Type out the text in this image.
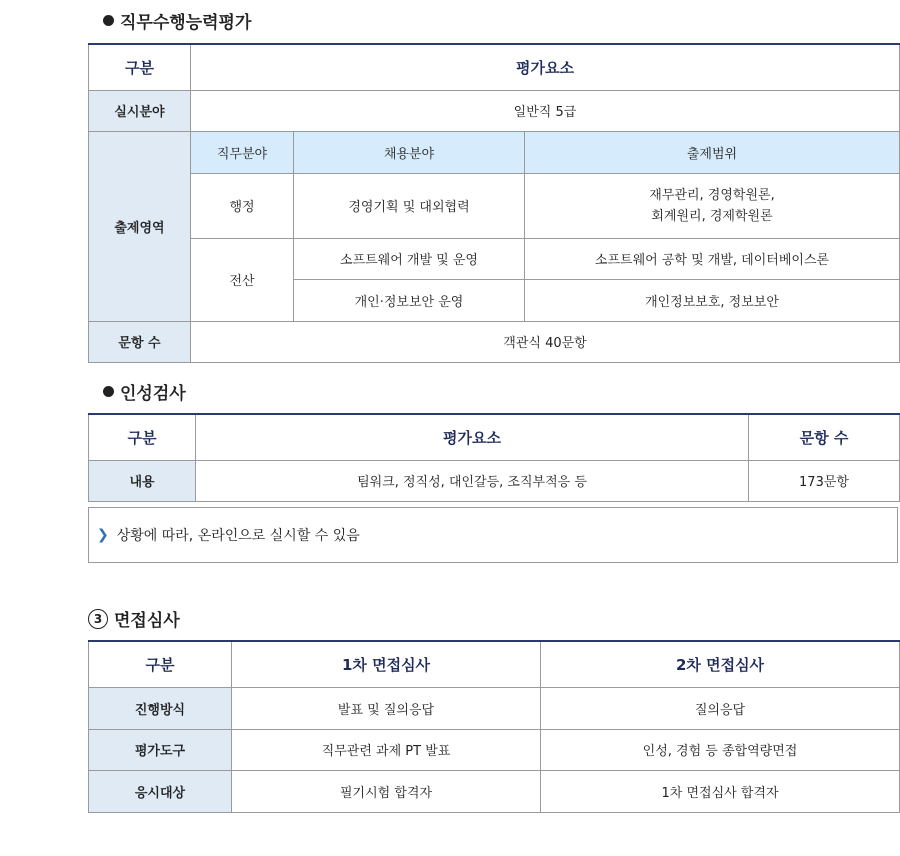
직무수행능력평가
구분	평가요소		
실시분야	일반직 5급		
출제영역	직무분야	채용분야	출제범위
	행정	경영기획 및 대외협력	재무관리, 경영학원론,
회계원리, 경제학원론

	전산	소프트웨어 개발 및 운영	소프트웨어 공학 및 개발, 데이터베이스론
		개인·정보보안 운영	개인정보보호, 정보보안

문항 수	객관식 40문항		
인성검사
구분	평가요소	문항 수
내용	팀워크, 정직성, 대인갈등, 조직부적응 등	173문항
❯ 상황에 따라, 온라인으로 실시할 수 있음
3 면접심사
구분	1차 면접심사	2차 면접심사
진행방식	발표 및 질의응답	질의응답
평가도구	직무관련 과제 PT 발표	인성, 경험 등 종합역량면접
응시대상	필기시험 합격자	1차 면접심사 합격자
